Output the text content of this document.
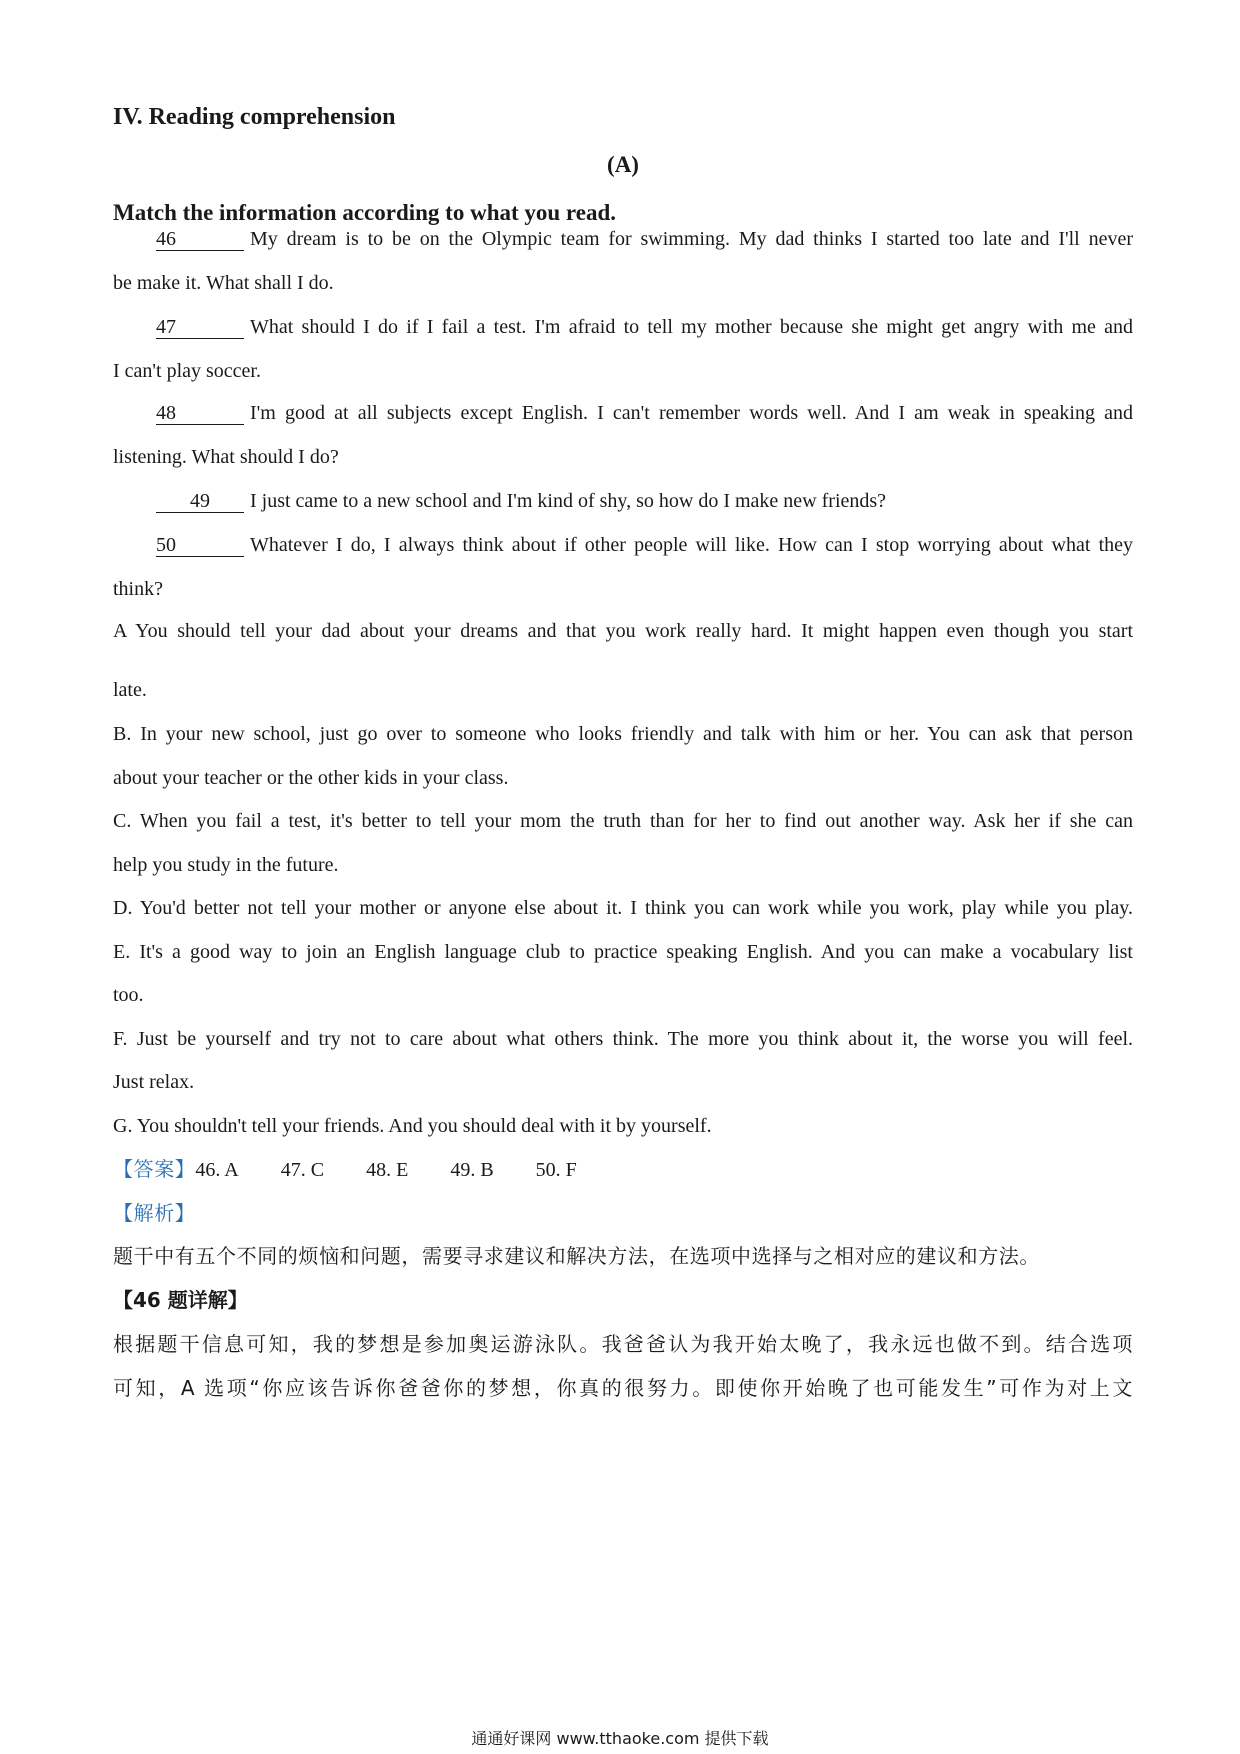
IV. Reading comprehension
(A)
Match the information according to what you read.
46	My dream is to be on the Olympic team for swimming. My dad thinks I started too late and I'll never
be make it. What shall I do.
47	What should I do if I fail a test. I'm afraid to tell my mother because she might get angry with me and
I can't play soccer.
48	I'm good at all subjects except English. I can't remember words well. And I am weak in speaking and
listening. What should I do?
49 I just came to a new school and I'm kind of shy, so how do I make new friends?
50	Whatever I do, I always think about if other people will like. How can I stop worrying about what they
think?
A You should tell your dad about your dreams and that you work really hard. It might happen even though you start
late.
B. In your new school, just go over to someone who looks friendly and talk with him or her. You can ask that person
about your teacher or the other kids in your class.
C. When you fail a test, it's better to tell your mom the truth than for her to find out another way. Ask her if she can
help you study in the future.
D. You'd better not tell your mother or anyone else about it. I think you can work while you work, play while you play.
E. It's a good way to join an English language club to practice speaking English. And you can make a vocabulary list
too.
F. Just be yourself and try not to care about what others think. The more you think about it, the worse you will feel.
Just relax.
G. You shouldn't tell your friends. And you should deal with it by yourself.
【答案】46. A 47. C 48. E 49. B 50. F
【解析】
题干中有五个不同的烦恼和问题，需要寻求建议和解决方法，在选项中选择与之相对应的建议和方法。
【46 题详解】
根据题干信息可知，我的梦想是参加奥运游泳队。我爸爸认为我开始太晚了，我永远也做不到。结合选项
可知，A 选项“你应该告诉你爸爸你的梦想，你真的很努力。即使你开始晚了也可能发生”可作为对上文
通通好课网 www.tthaoke.com 提供下载
